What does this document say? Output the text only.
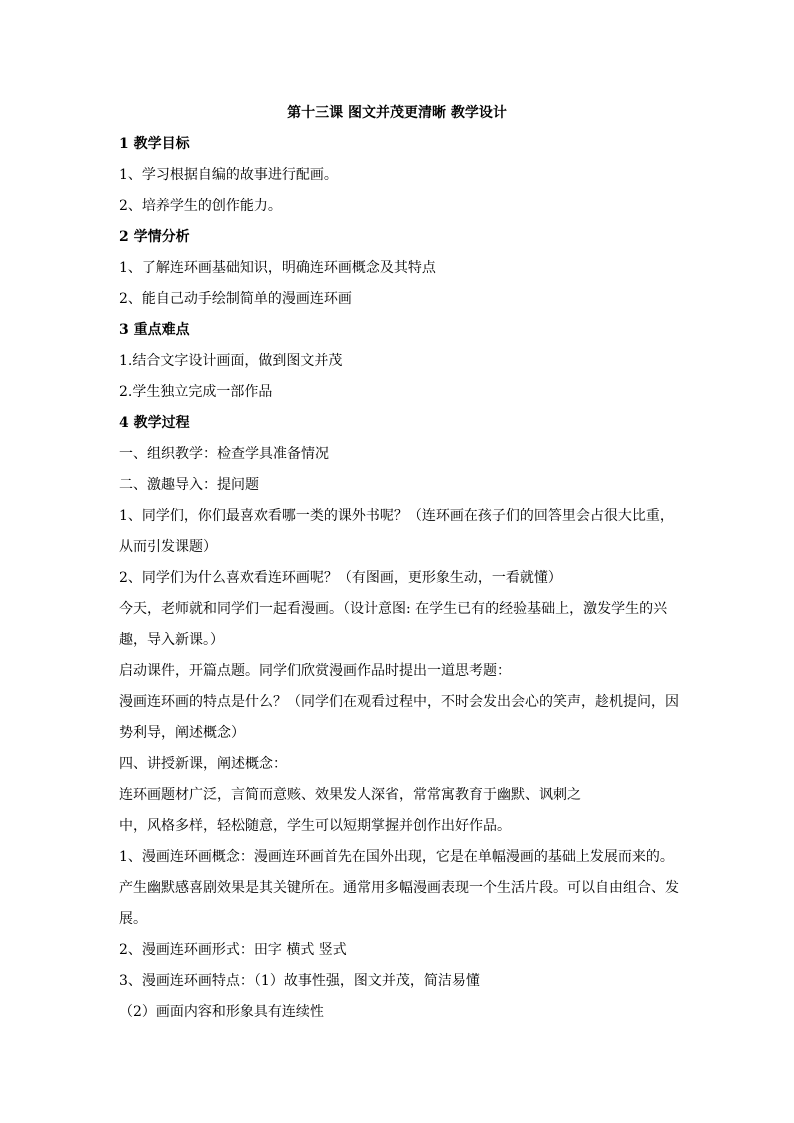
第十三课 图文并茂更清晰 教学设计
1 教学目标
1、学习根据自编的故事进行配画。
2、培养学生的创作能力。
2 学情分析
1、了解连环画基础知识，明确连环画概念及其特点
2、能自己动手绘制简单的漫画连环画
3 重点难点
1.结合文字设计画面，做到图文并茂
2.学生独立完成一部作品
4 教学过程
一、组织教学：检查学具准备情况
二、激趣导入：提问题
1、同学们，你们最喜欢看哪一类的课外书呢？（连环画在孩子们的回答里会占很大比重，
从而引发课题）
2、同学们为什么喜欢看连环画呢？（有图画，更形象生动，一看就懂）
今天，老师就和同学们一起看漫画。（设计意图: 在学生已有的经验基础上，激发学生的兴
趣，导入新课。）
启动课件，开篇点题。同学们欣赏漫画作品时提出一道思考题：
漫画连环画的特点是什么？（同学们在观看过程中，不时会发出会心的笑声，趁机提问，因
势利导，阐述概念）
四、讲授新课，阐述概念：
连环画题材广泛，言简而意赅、效果发人深省，常常寓教育于幽默、讽刺之
中，风格多样，轻松随意，学生可以短期掌握并创作出好作品。
1、漫画连环画概念：漫画连环画首先在国外出现，它是在单幅漫画的基础上发展而来的。
产生幽默感喜剧效果是其关键所在。通常用多幅漫画表现一个生活片段。可以自由组合、发
展。
2、漫画连环画形式：田字 横式 竖式
3、漫画连环画特点：（1）故事性强，图文并茂，简洁易懂
（2）画面内容和形象具有连续性
